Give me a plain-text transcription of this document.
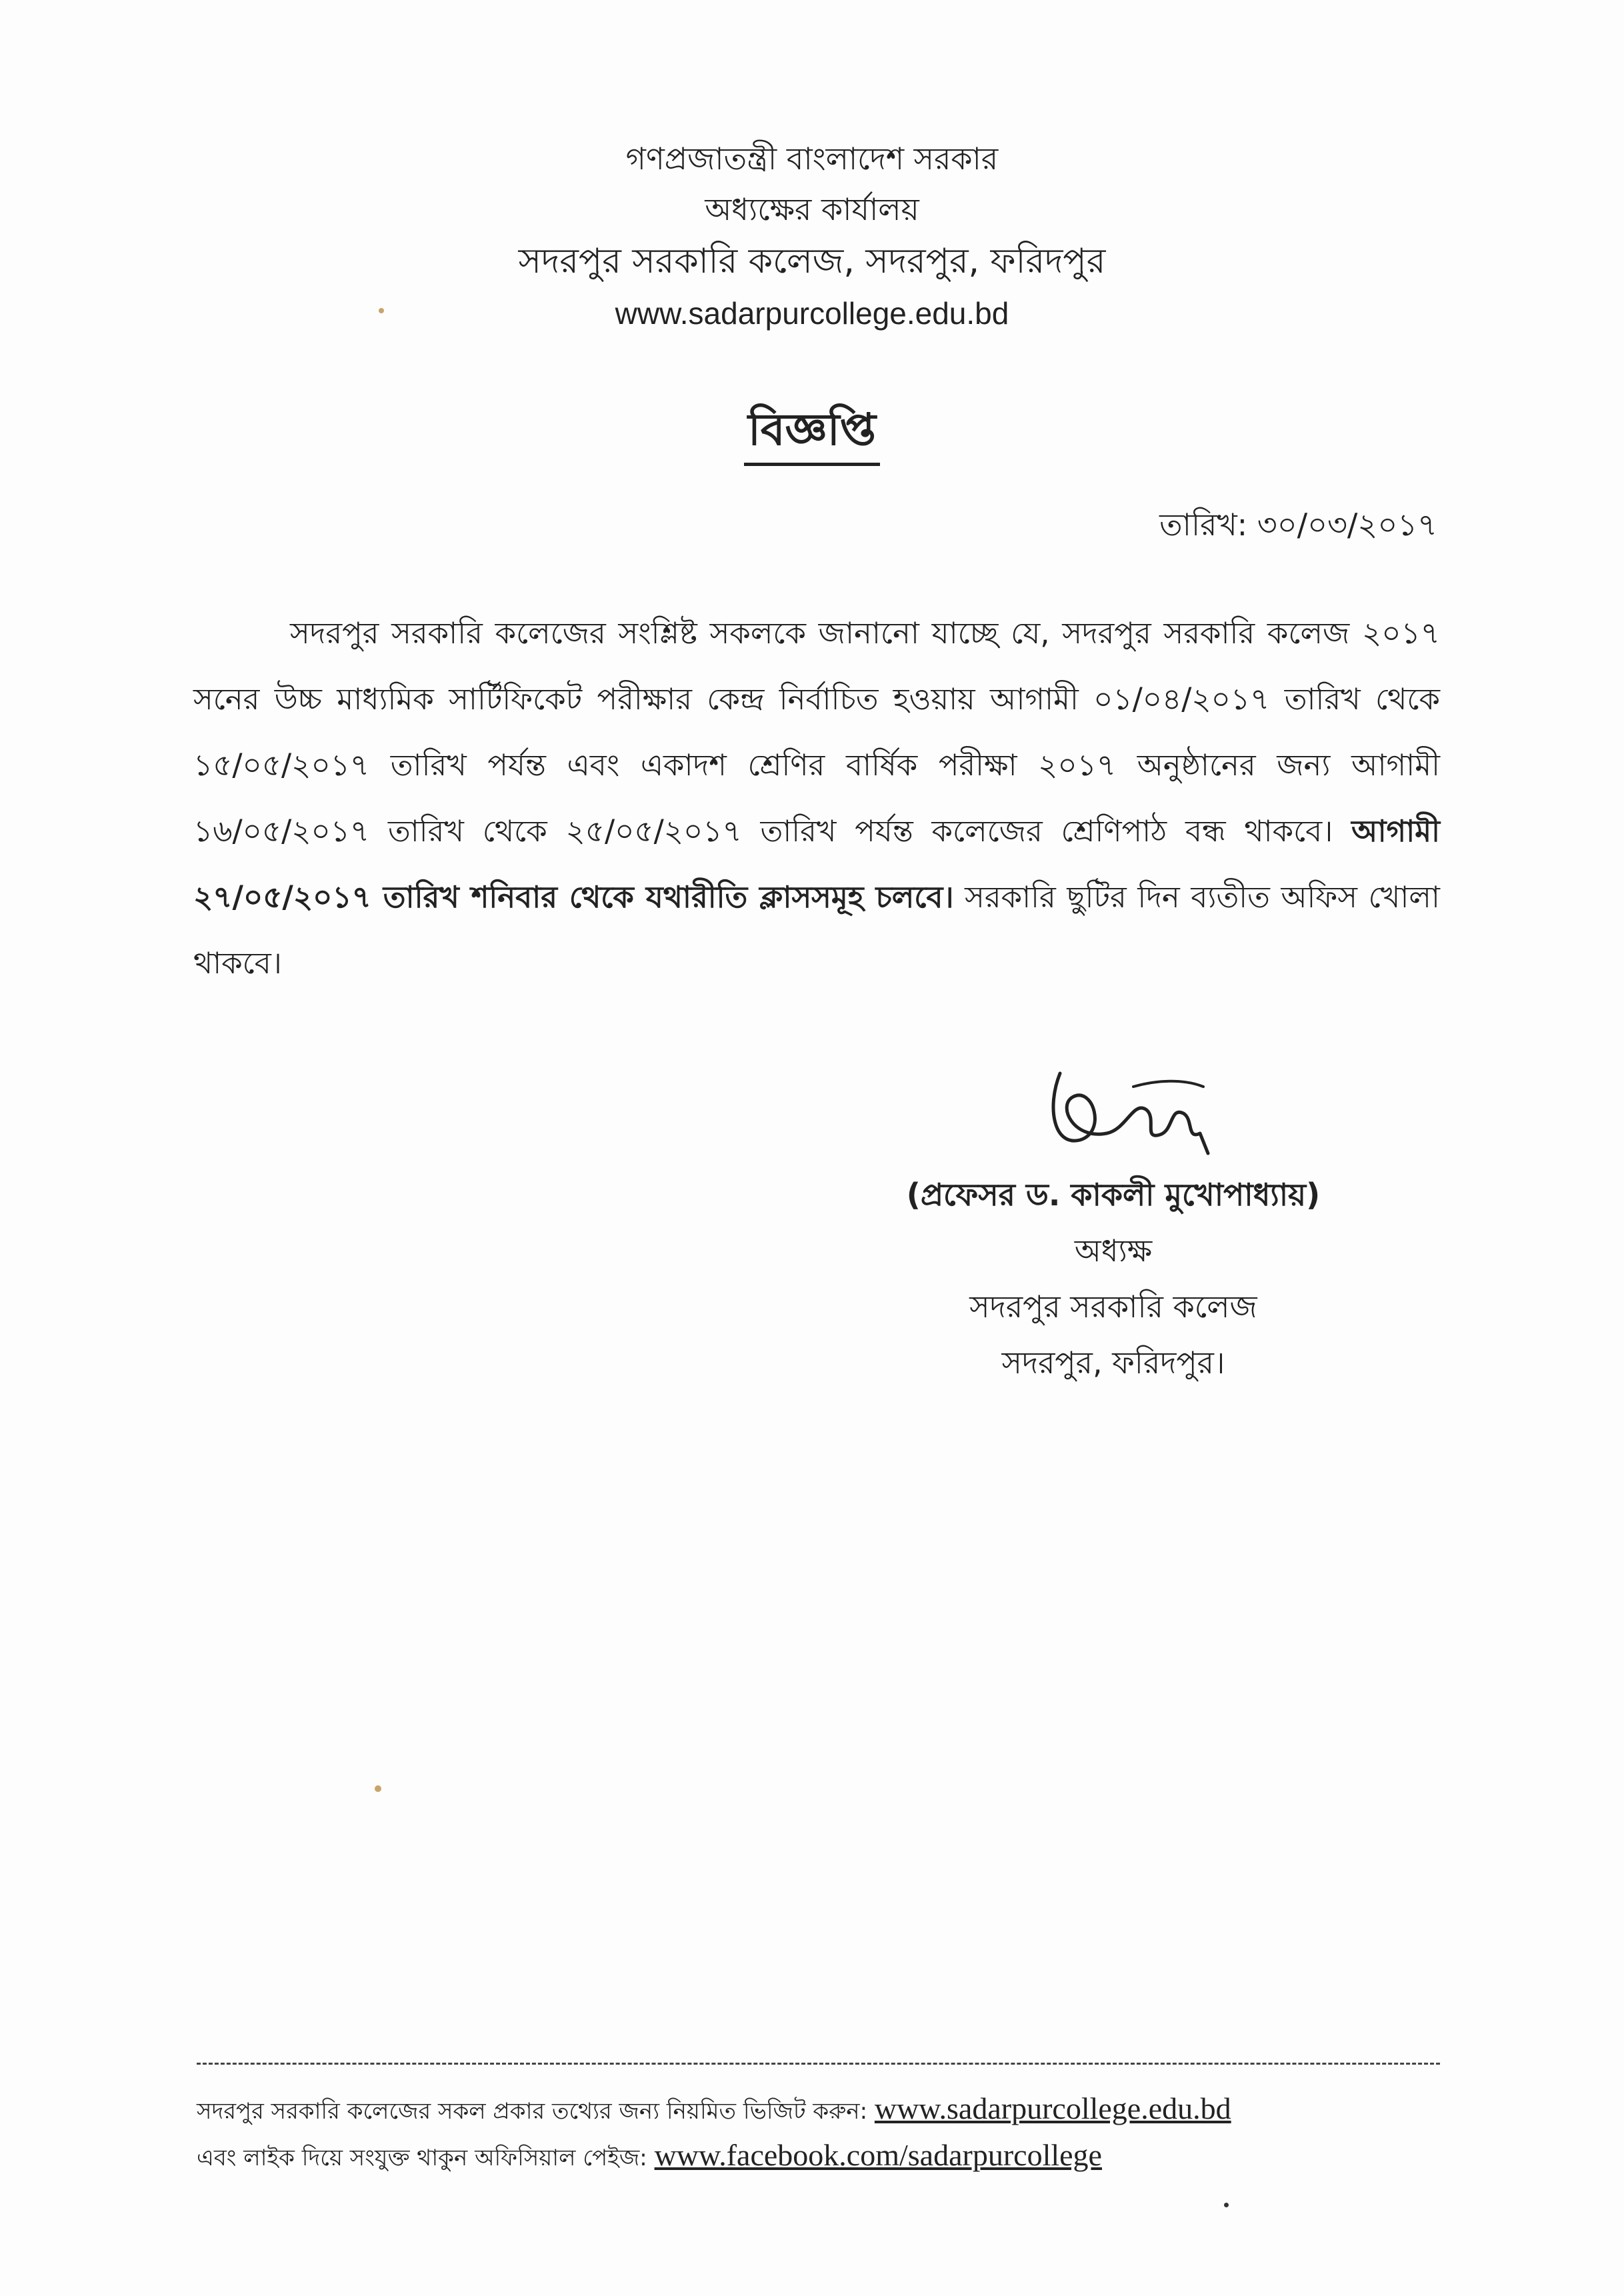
গণপ্রজাতন্ত্রী বাংলাদেশ সরকার
অধ্যক্ষের কার্যালয়
সদরপুর সরকারি কলেজ, সদরপুর, ফরিদপুর
www.sadarpurcollege.edu.bd
বিজ্ঞপ্তি
তারিখ: ৩০/০৩/২০১৭
সদরপুর সরকারি কলেজের সংশ্লিষ্ট সকলকে জানানো যাচ্ছে যে, সদরপুর সরকারি কলেজ ২০১৭ সনের উচ্চ মাধ্যমিক সার্টিফিকেট পরীক্ষার কেন্দ্র নির্বাচিত হওয়ায় আগামী ০১/০৪/২০১৭ তারিখ থেকে ১৫/০৫/২০১৭ তারিখ পর্যন্ত এবং একাদশ শ্রেণির বার্ষিক পরীক্ষা ২০১৭ অনুষ্ঠানের জন্য আগামী ১৬/০৫/২০১৭ তারিখ থেকে ২৫/০৫/২০১৭ তারিখ পর্যন্ত কলেজের শ্রেণিপাঠ বন্ধ থাকবে। আগামী ২৭/০৫/২০১৭ তারিখ শনিবার থেকে যথারীতি ক্লাসসমূহ চলবে। সরকারি ছুটির দিন ব্যতীত অফিস খোলা থাকবে।
(প্রফেসর ড. কাকলী মুখোপাধ্যায়)
অধ্যক্ষ
সদরপুর সরকারি কলেজ
সদরপুর, ফরিদপুর।
সদরপুর সরকারি কলেজের সকল প্রকার তথ্যের জন্য নিয়মিত ভিজিট করুন: www.sadarpurcollege.edu.bd
এবং লাইক দিয়ে সংযুক্ত থাকুন অফিসিয়াল পেইজ: www.facebook.com/sadarpurcollege
